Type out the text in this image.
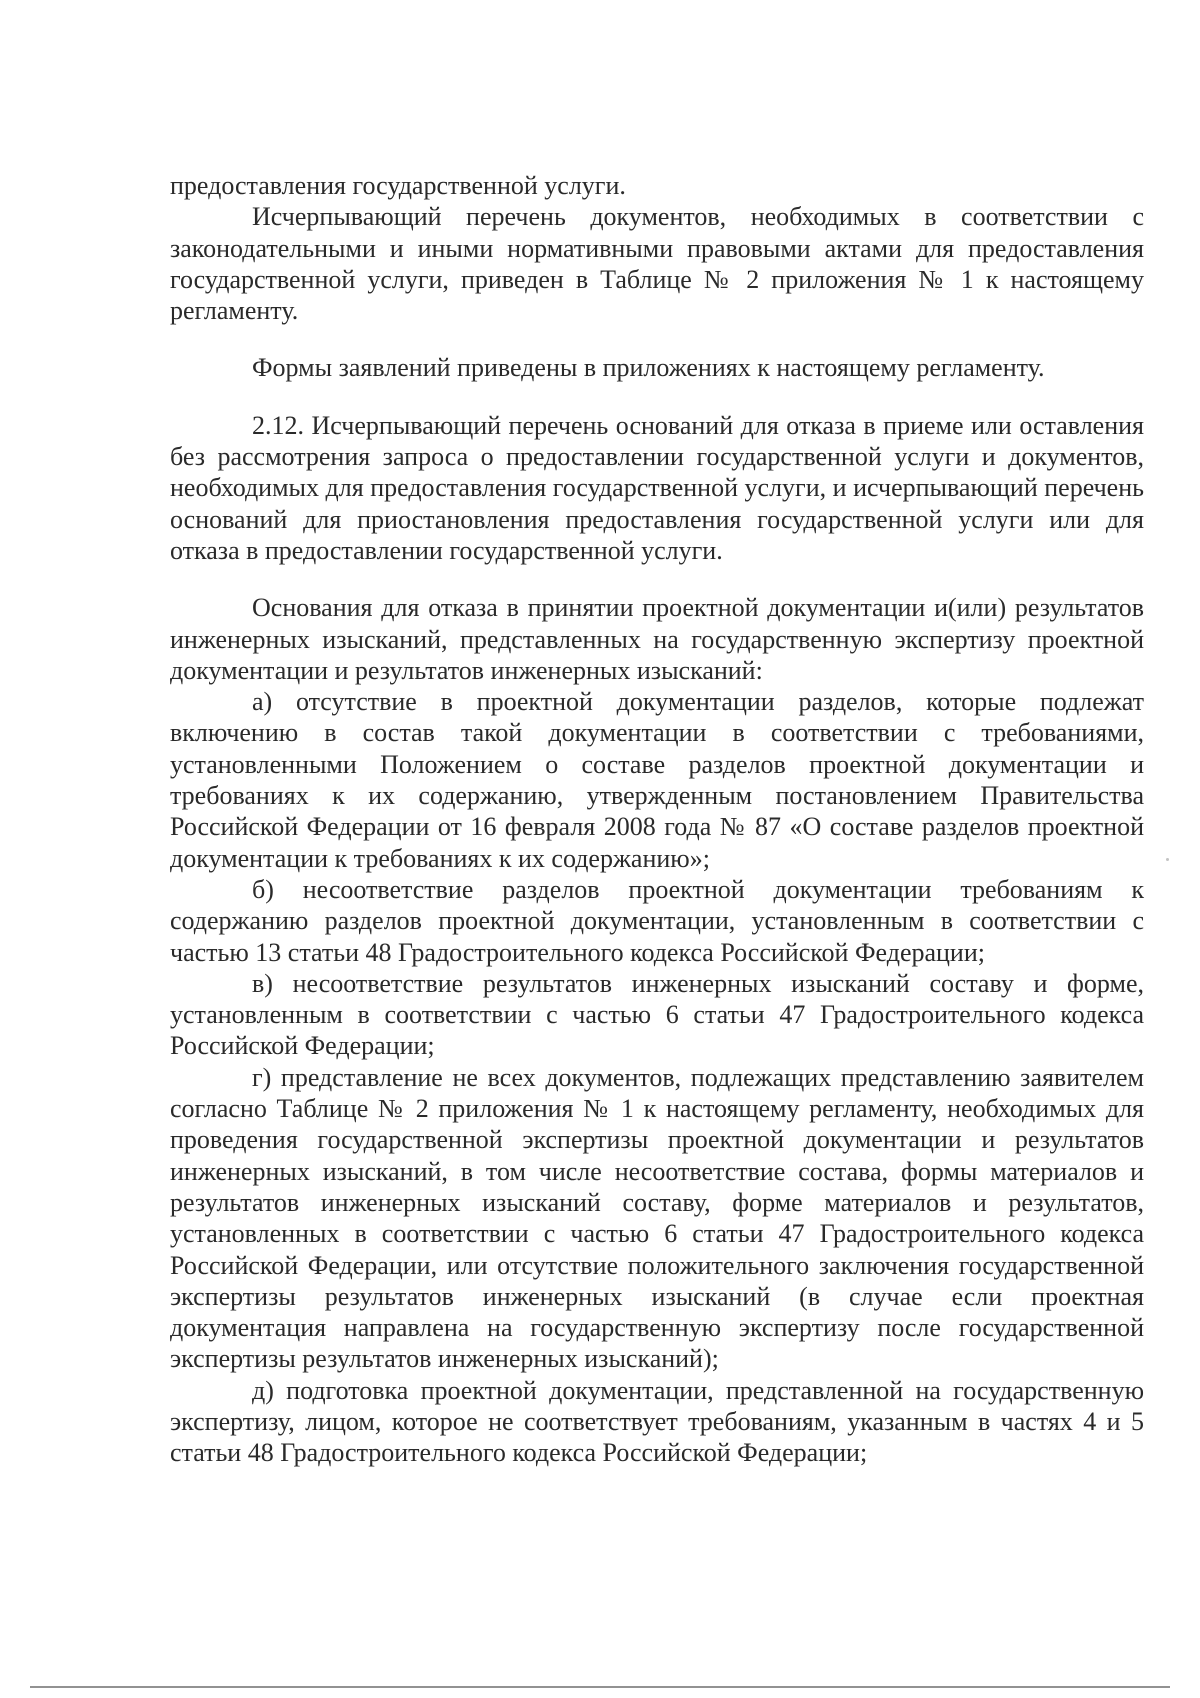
предоставления государственной услуги.

Исчерпывающий перечень документов, необходимых в соответствии с законодательными и иными нормативными правовыми актами для предоставления государственной услуги, приведен в Таблице № 2 приложения № 1 к настоящему регламенту.

Формы заявлений приведены в приложениях к настоящему регламенту.

2.12. Исчерпывающий перечень оснований для отказа в приеме или оставления без рассмотрения запроса о предоставлении государственной услуги и документов, необходимых для предоставления государственной услуги, и исчерпывающий перечень оснований для приостановления предоставления государственной услуги или для отказа в предоставлении государственной услуги.

Основания для отказа в принятии проектной документации и(или) результатов инженерных изысканий, представленных на государственную экспертизу проектной документации и результатов инженерных изысканий:

а) отсутствие в проектной документации разделов, которые подлежат включению в состав такой документации в соответствии с требованиями, установленными Положением о составе разделов проектной документации и требованиях к их содержанию, утвержденным постановлением Правительства Российской Федерации от 16 февраля 2008 года № 87 «О составе разделов проектной документации к требованиях к их содержанию»;

б) несоответствие разделов проектной документации требованиям к содержанию разделов проектной документации, установленным в соответствии с частью 13 статьи 48 Градостроительного кодекса Российской Федерации;

в) несоответствие результатов инженерных изысканий составу и форме, установленным в соответствии с частью 6 статьи 47 Градостроительного кодекса Российской Федерации;

г) представление не всех документов, подлежащих представлению заявителем согласно Таблице № 2 приложения № 1 к настоящему регламенту, необходимых для проведения государственной экспертизы проектной документации и результатов инженерных изысканий, в том числе несоответствие состава, формы материалов и результатов инженерных изысканий составу, форме материалов и результатов, установленных в соответствии с частью 6 статьи 47 Градостроительного кодекса Российской Федерации, или отсутствие положительного заключения государственной экспертизы результатов инженерных изысканий (в случае если проектная документация направлена на государственную экспертизу после государственной экспертизы результатов инженерных изысканий);

д) подготовка проектной документации, представленной на государственную экспертизу, лицом, которое не соответствует требованиям, указанным в частях 4 и 5 статьи 48 Градостроительного кодекса Российской Федерации;
